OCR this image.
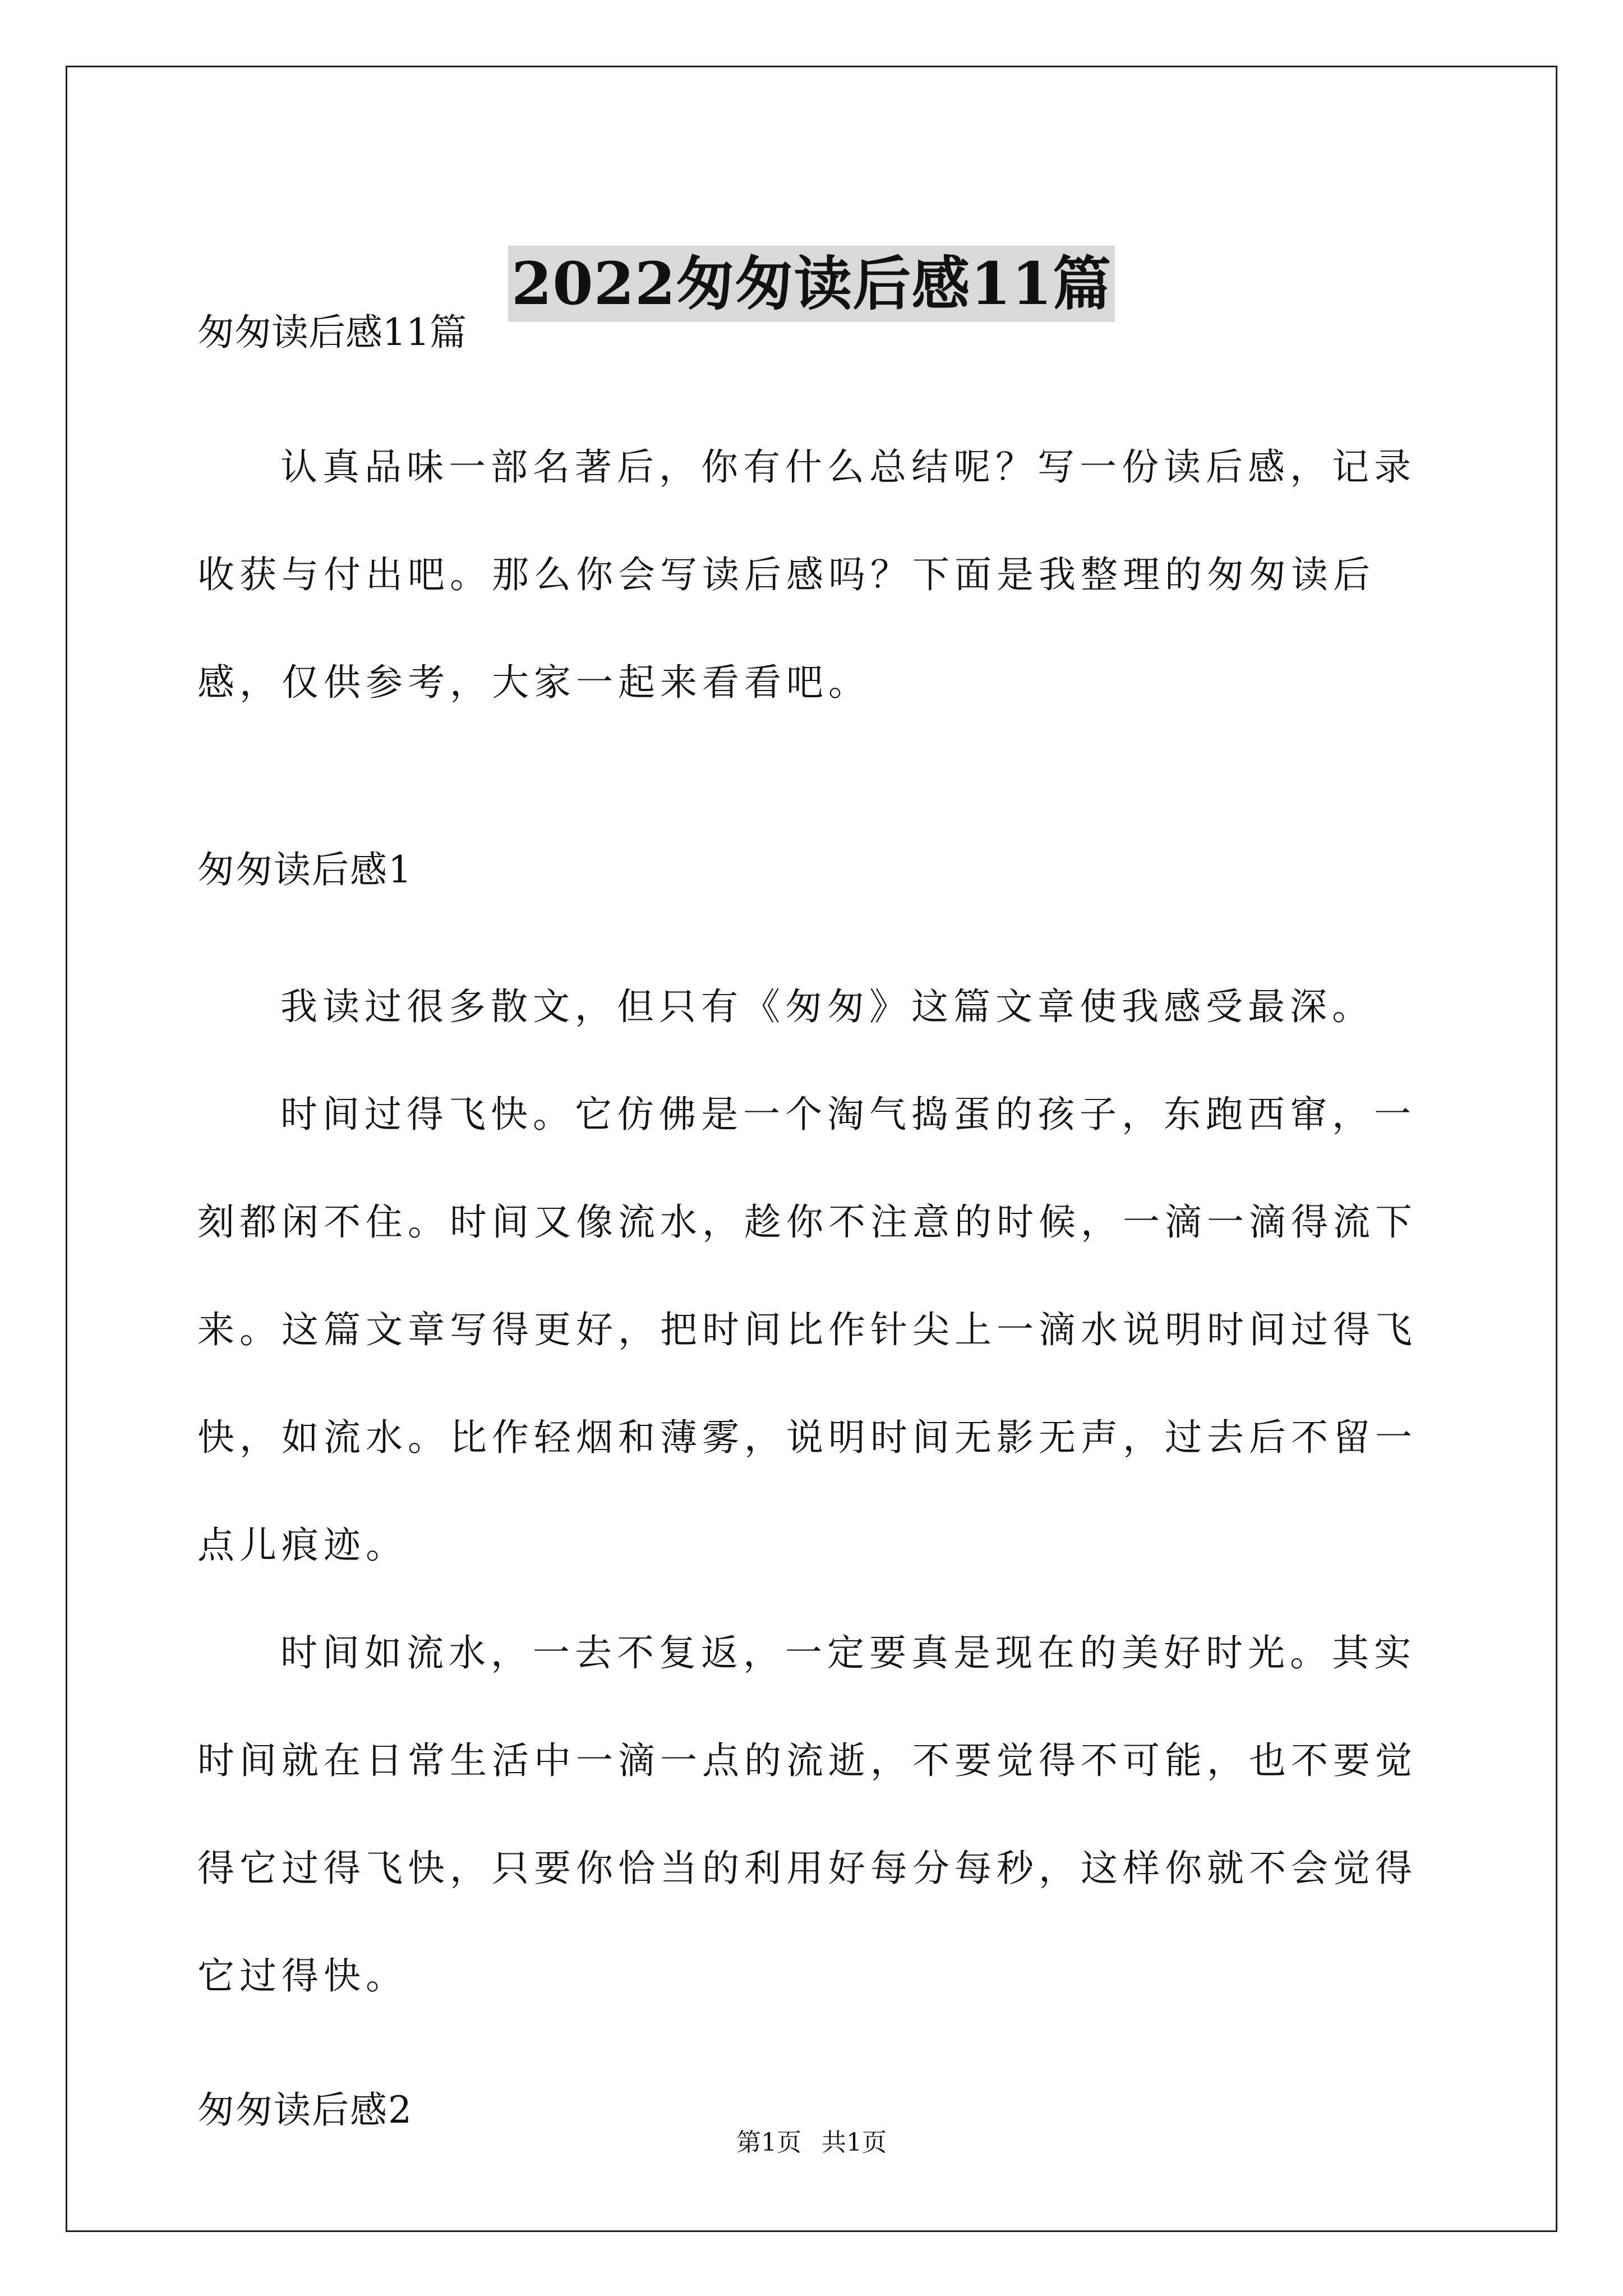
2022匆匆读后感11篇

匆匆读后感11篇

认真品味一部名著后，你有什么总结呢？写一份读后感，记录收获与付出吧。那么你会写读后感吗？下面是我整理的匆匆读后感，仅供参考，大家一起来看看吧。

匆匆读后感1

我读过很多散文，但只有《匆匆》这篇文章使我感受最深。

时间过得飞快。它仿佛是一个淘气捣蛋的孩子，东跑西窜，一刻都闲不住。时间又像流水，趁你不注意的时候，一滴一滴得流下来。这篇文章写得更好，把时间比作针尖上一滴水说明时间过得飞快，如流水。比作轻烟和薄雾，说明时间无影无声，过去后不留一点儿痕迹。

时间如流水，一去不复返，一定要真是现在的美好时光。其实时间就在日常生活中一滴一点的流逝，不要觉得不可能，也不要觉得它过得飞快，只要你恰当的利用好每分每秒，这样你就不会觉得它过得快。

匆匆读后感2

第1页 共1页
